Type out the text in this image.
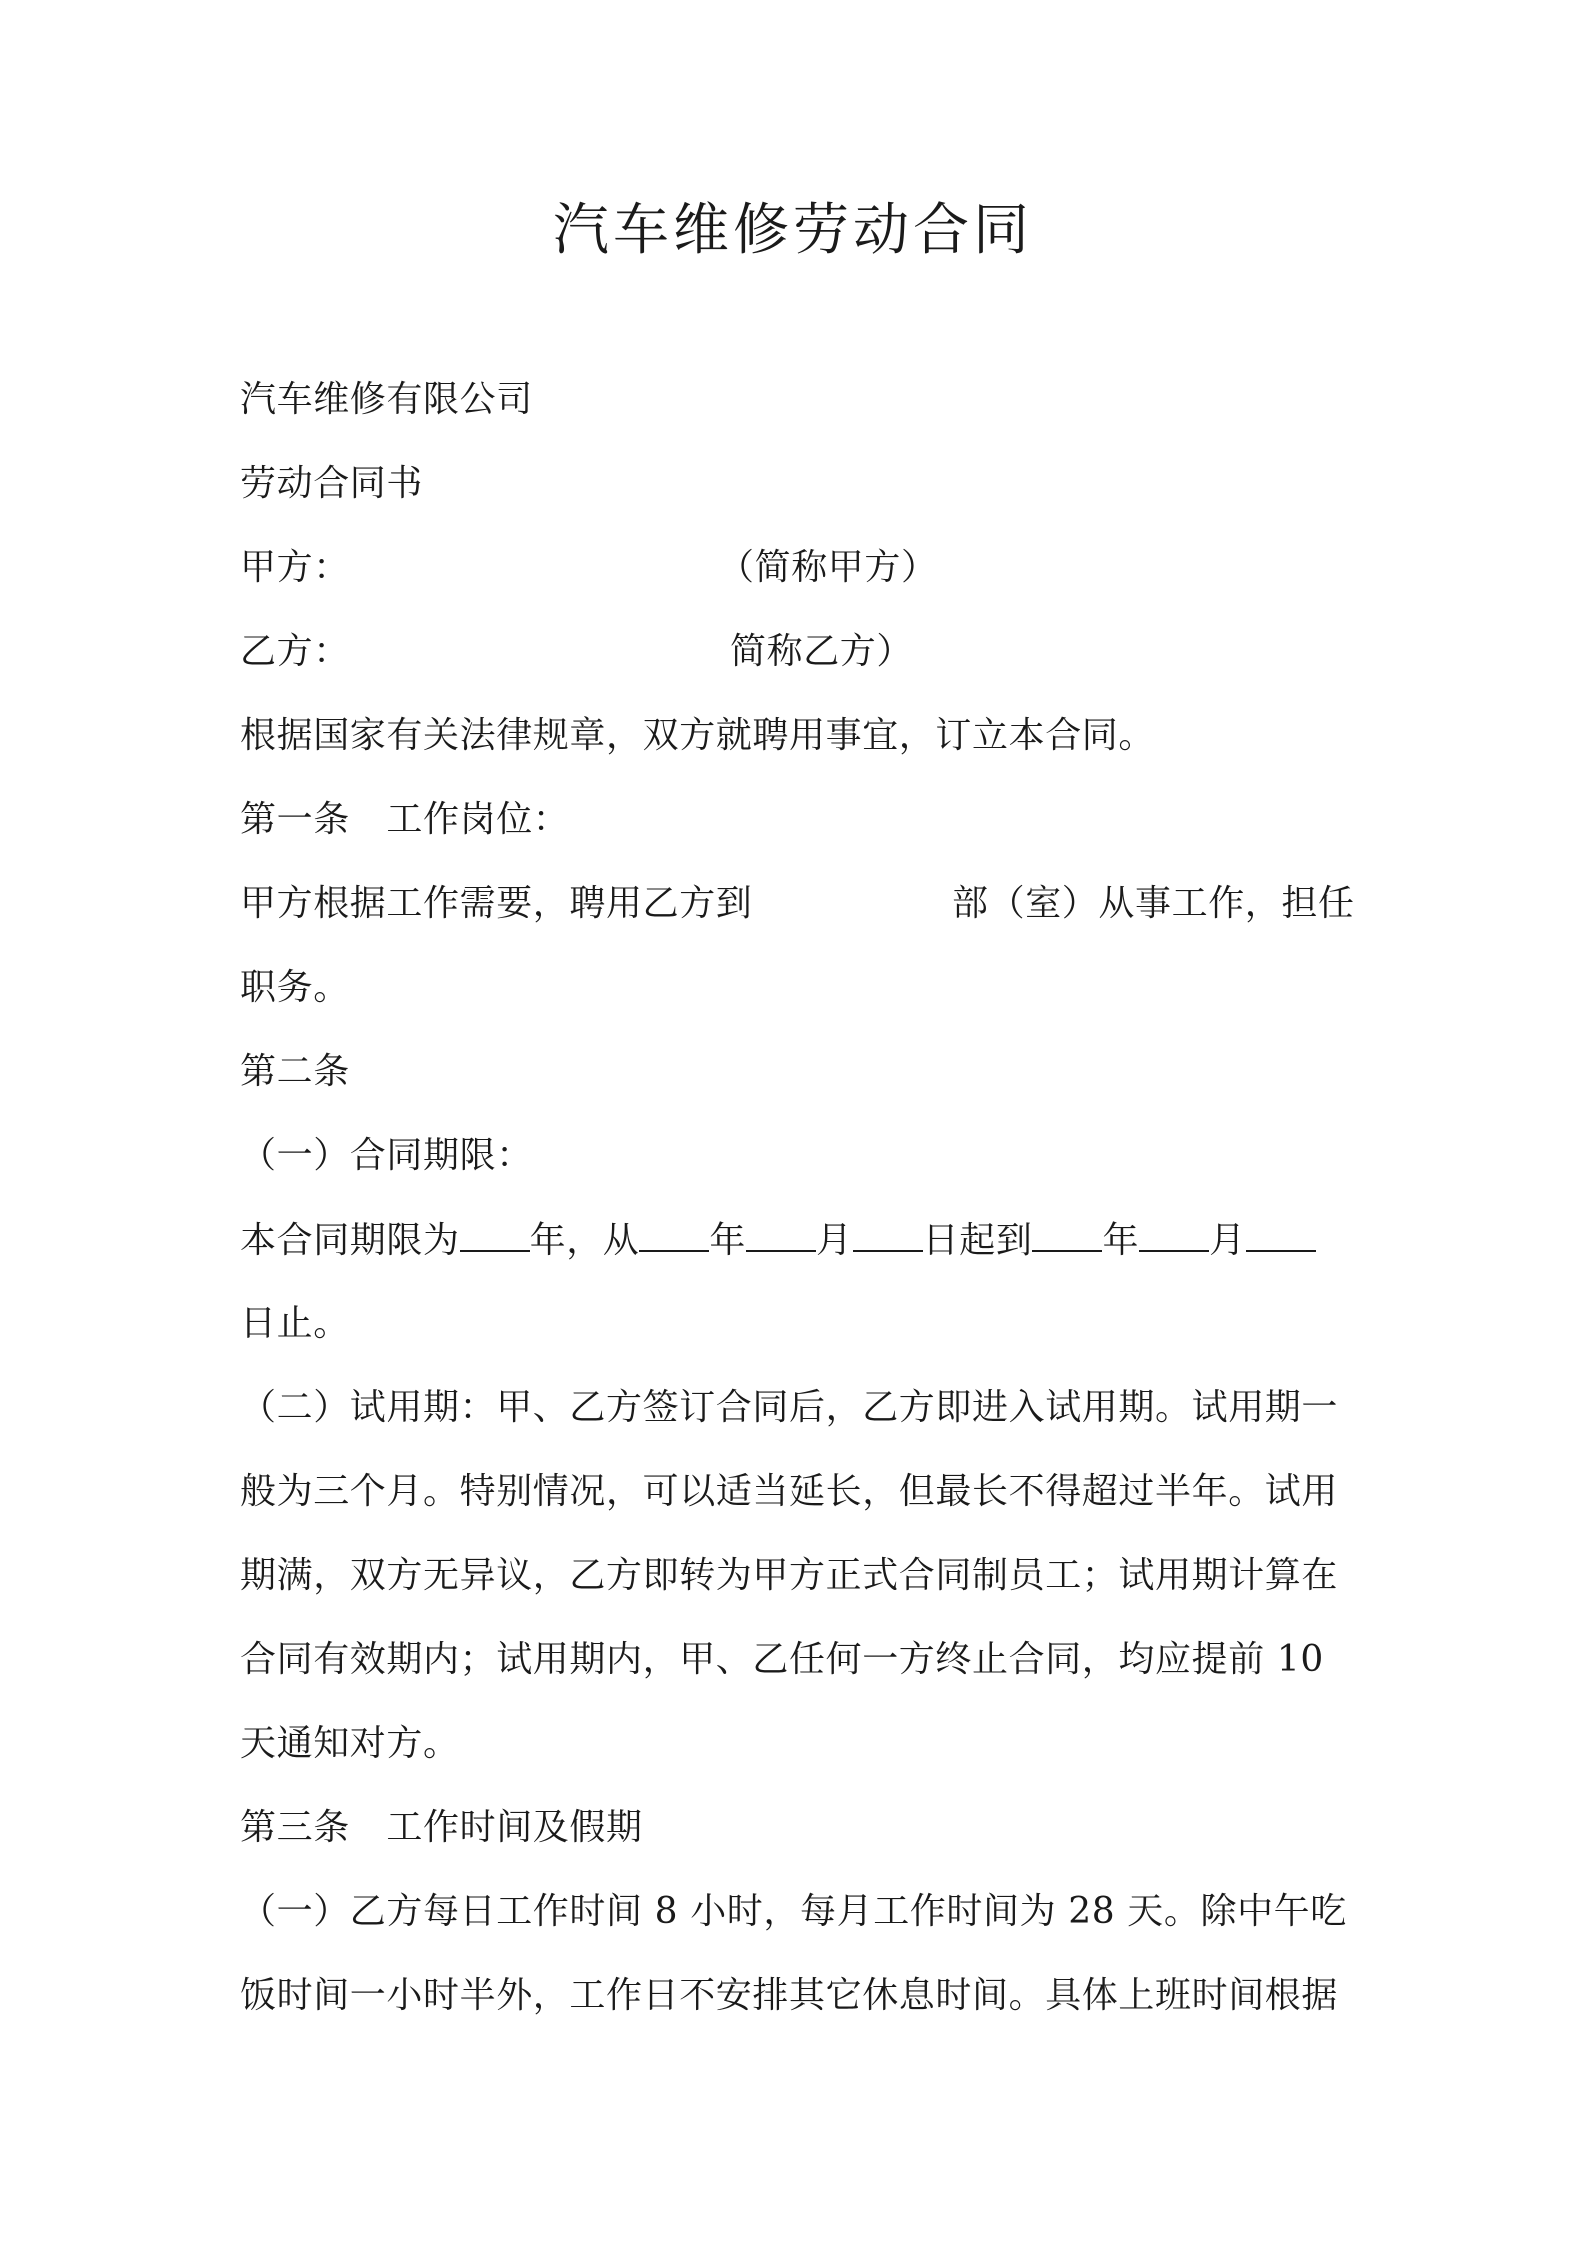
汽车维修劳动合同
汽车维修有限公司
劳动合同书
甲方：	（简称甲方）
乙方：	简称乙方）
根据国家有关法律规章，双方就聘用事宜，订立本合同。
第一条　工作岗位：
甲方根据工作需要，聘用乙方到	部（室）从事工作，担任
职务。
第二条
（一）合同期限：
本合同期限为 年，从 年 月 日起到 年 月
日止。
（二）试用期：甲、乙方签订合同后，乙方即进入试用期。试用期一
般为三个月。特别情况，可以适当延长，但最长不得超过半年。试用
期满，双方无异议，乙方即转为甲方正式合同制员工；试用期计算在
合同有效期内；试用期内，甲、乙任何一方终止合同，均应提前 10
天通知对方。
第三条　工作时间及假期
（一）乙方每日工作时间 8 小时，每月工作时间为 28 天。除中午吃
饭时间一小时半外，工作日不安排其它休息时间。具体上班时间根据
